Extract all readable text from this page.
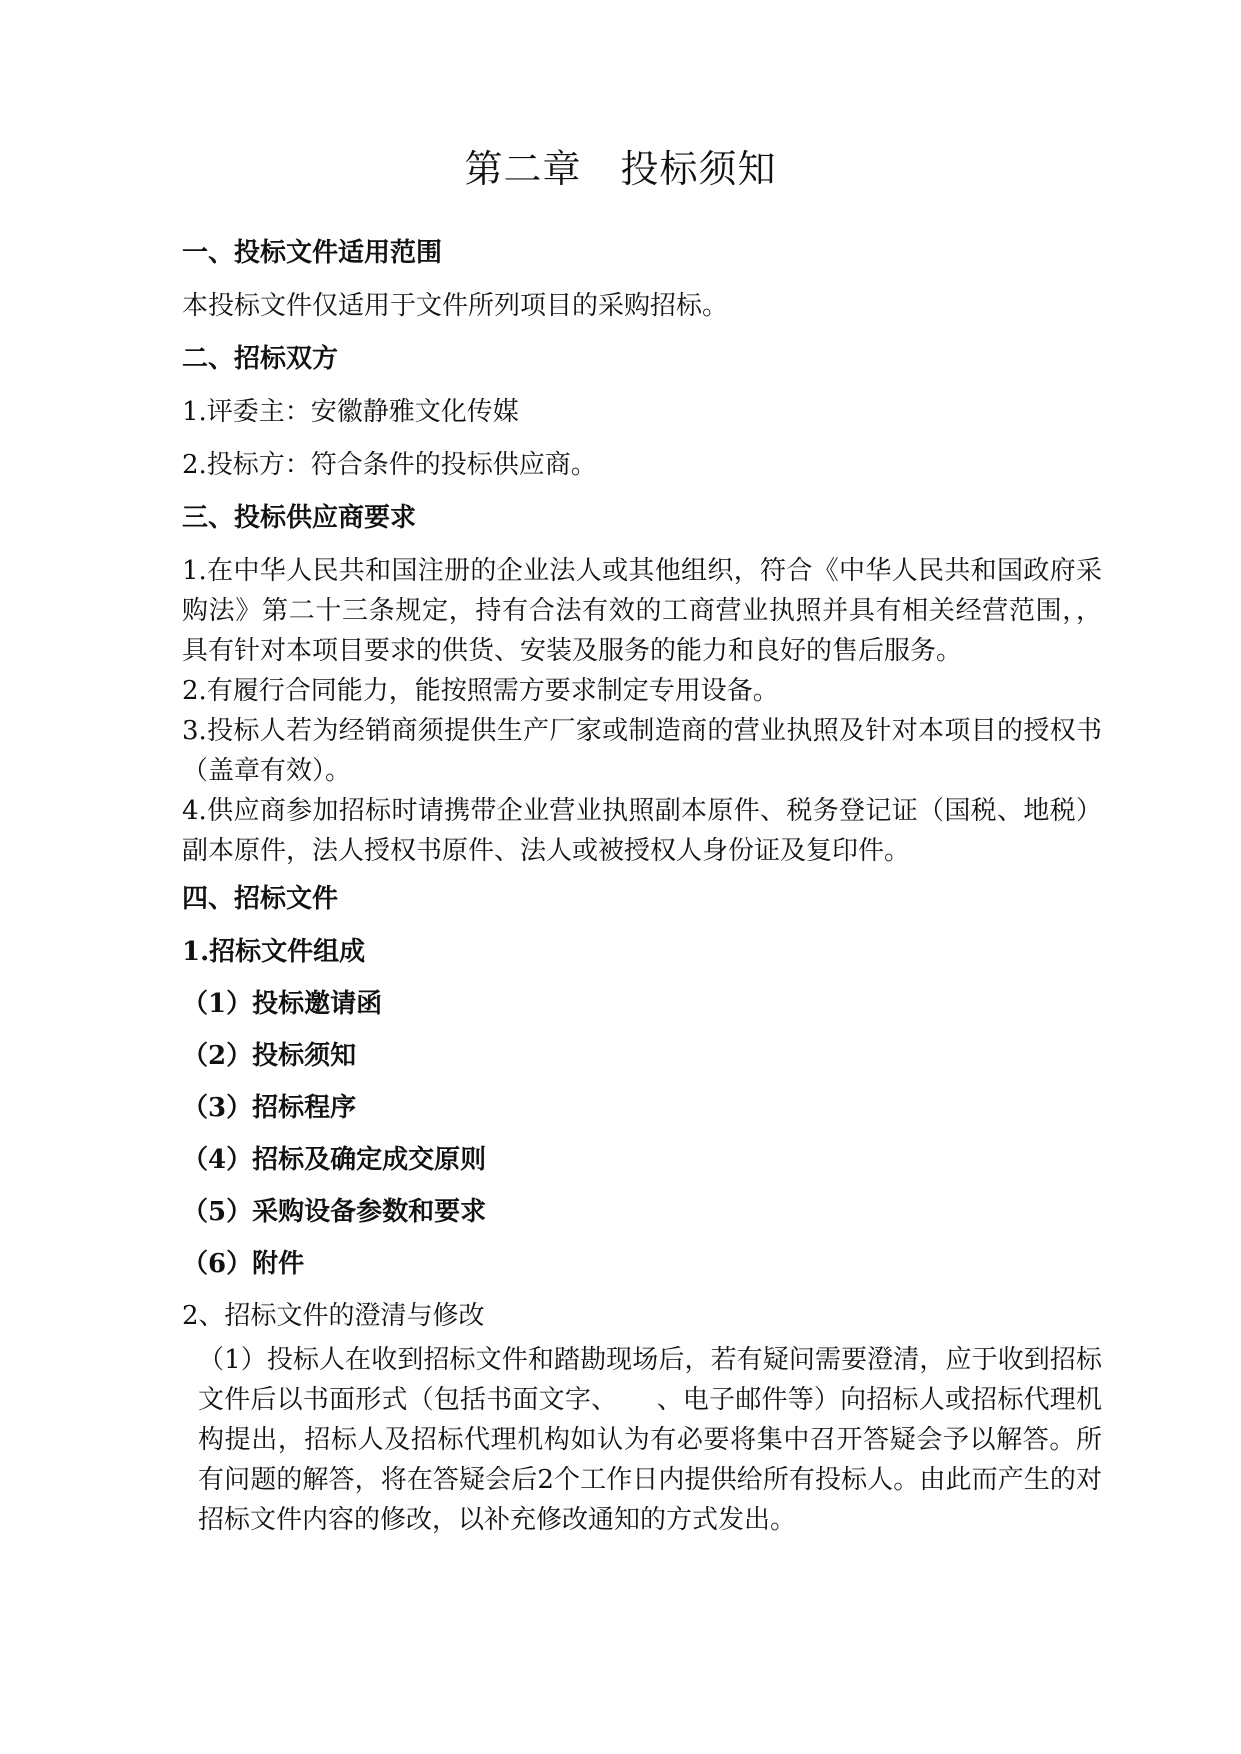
第二章　投标须知
一、投标文件适用范围
本投标文件仅适用于文件所列项目的采购招标。
二、招标双方
1.评委主：安徽静雅文化传媒
2.投标方：符合条件的投标供应商。
三、投标供应商要求
1.在中华人民共和国注册的企业法人或其他组织，符合《中华人民共和国政府采购法》第二十三条规定，持有合法有效的工商营业执照并具有相关经营范围，，具有针对本项目要求的供货、安装及服务的能力和良好的售后服务。
2.有履行合同能力，能按照需方要求制定专用设备。
3.投标人若为经销商须提供生产厂家或制造商的营业执照及针对本项目的授权书（盖章有效）。
4.供应商参加招标时请携带企业营业执照副本原件、税务登记证（国税、地税）副本原件，法人授权书原件、法人或被授权人身份证及复印件。
四、招标文件
1.招标文件组成
（1）投标邀请函
（2）投标须知
（3）招标程序
（4）招标及确定成交原则
（5）采购设备参数和要求
（6）附件
2、招标文件的澄清与修改
（1）投标人在收到招标文件和踏勘现场后，若有疑问需要澄清，应于收到招标文件后以书面形式（包括书面文字、　　、电子邮件等）向招标人或招标代理机构提出，招标人及招标代理机构如认为有必要将集中召开答疑会予以解答。所有问题的解答，将在答疑会后2个工作日内提供给所有投标人。由此而产生的对招标文件内容的修改，以补充修改通知的方式发出。
